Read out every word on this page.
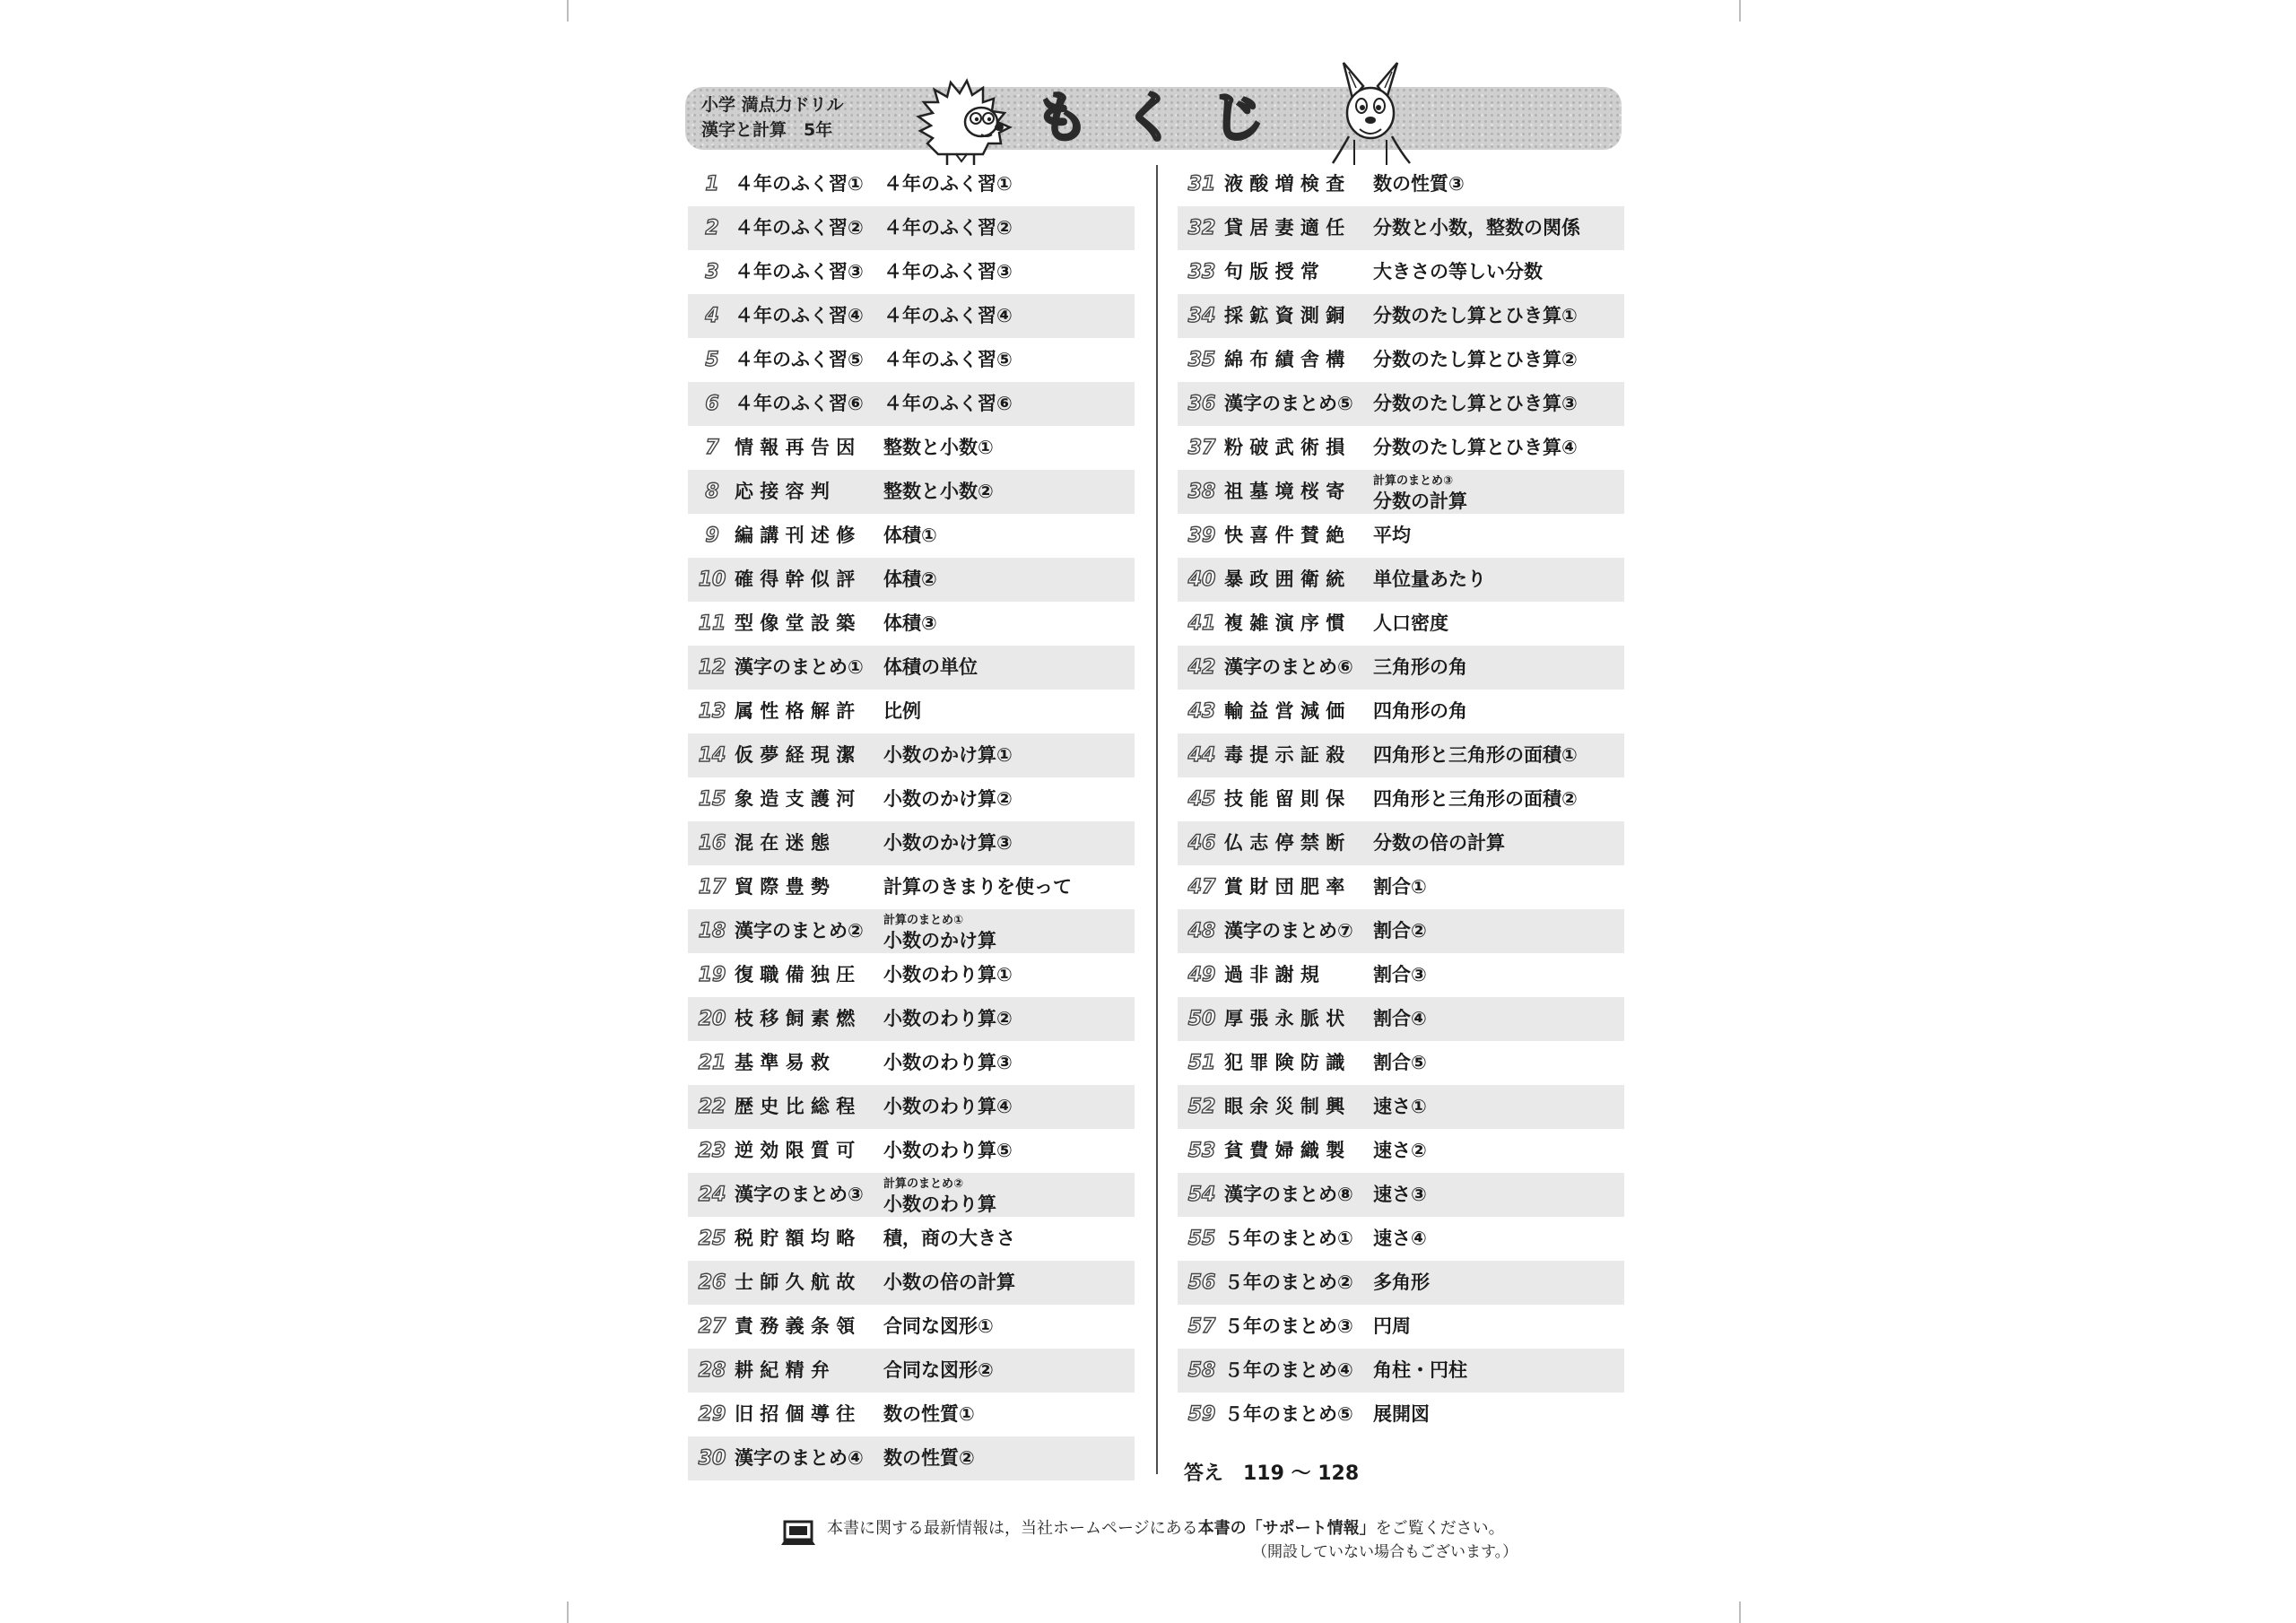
小学 満点力ドリル
漢字と計算　5年	もくじ
1 ４年のふく習① ４年のふく習①
2 ４年のふく習② ４年のふく習②
3 ４年のふく習③ ４年のふく習③
4 ４年のふく習④ ４年のふく習④
5 ４年のふく習⑤ ４年のふく習⑤
6 ４年のふく習⑥ ４年のふく習⑥
7 情 報 再 告 因 整数と小数①
8 応 接 容 判	整数と小数②
9 編 講 刊 述 修 体積①
10 確 得 幹 似 評 体積②
11 型 像 堂 設 築 体積③
12 漢字のまとめ① 体積の単位
13 属 性 格 解 許 比例
14 仮 夢 経 現 潔 小数のかけ算①
15 象 造 支 護 河 小数のかけ算②
16 混 在 迷 態	小数のかけ算③
17 貿 際 豊 勢	計算のきまりを使って
18 漢字のまとめ② 計算のまとめ①
小数のかけ算
19 復 職 備 独 圧 小数のわり算①
20 枝 移 飼 素 燃 小数のわり算②
21 基 準 易 救	小数のわり算③
22 歴 史 比 総 程 小数のわり算④
23 逆 効 限 質 可 小数のわり算⑤
24 漢字のまとめ③ 計算のまとめ②
小数のわり算
25 税 貯 額 均 略 積，商の大きさ
26 士 師 久 航 故 小数の倍の計算
27 責 務 義 条 領 合同な図形①
28 耕 紀 精 弁	合同な図形②
29 旧 招 個 導 往 数の性質①
30 漢字のまとめ④ 数の性質②
31 液 酸 増 検 査 数の性質③
32 貸 居 妻 適 任 分数と小数，整数の関係
33 句 版 授 常	大きさの等しい分数
34 採 鉱 資 測 銅 分数のたし算とひき算①
35 綿 布 績 舎 構 分数のたし算とひき算②
36 漢字のまとめ⑤ 分数のたし算とひき算③
37 粉 破 武 術 損 分数のたし算とひき算④
38 祖 墓 境 桜 寄 計算のまとめ③
分数の計算
39 快 喜 件 賛 絶 平均
40 暴 政 囲 衛 統 単位量あたり
41 複 雑 演 序 慣 人口密度
42 漢字のまとめ⑥ 三角形の角
43 輸 益 営 減 価 四角形の角
44 毒 提 示 証 殺 四角形と三角形の面積①
45 技 能 留 則 保 四角形と三角形の面積②
46 仏 志 停 禁 断 分数の倍の計算
47 賞 財 団 肥 率 割合①
48 漢字のまとめ⑦ 割合②
49 過 非 謝 規	割合③
50 厚 張 永 脈 状 割合④
51 犯 罪 険 防 識 割合⑤
52 眼 余 災 制 興 速さ①
53 貧 費 婦 織 製 速さ②
54 漢字のまとめ⑧ 速さ③
55 ５年のまとめ① 速さ④
56 ５年のまとめ② 多角形
57 ５年のまとめ③ 円周
58 ５年のまとめ④ 角柱・円柱
59 ５年のまとめ⑤ 展開図
答え　119 ～ 128
本書に関する最新情報は，当社ホームページにある本書の「サポート情報」をご覧ください。
（開設していない場合もございます。）
